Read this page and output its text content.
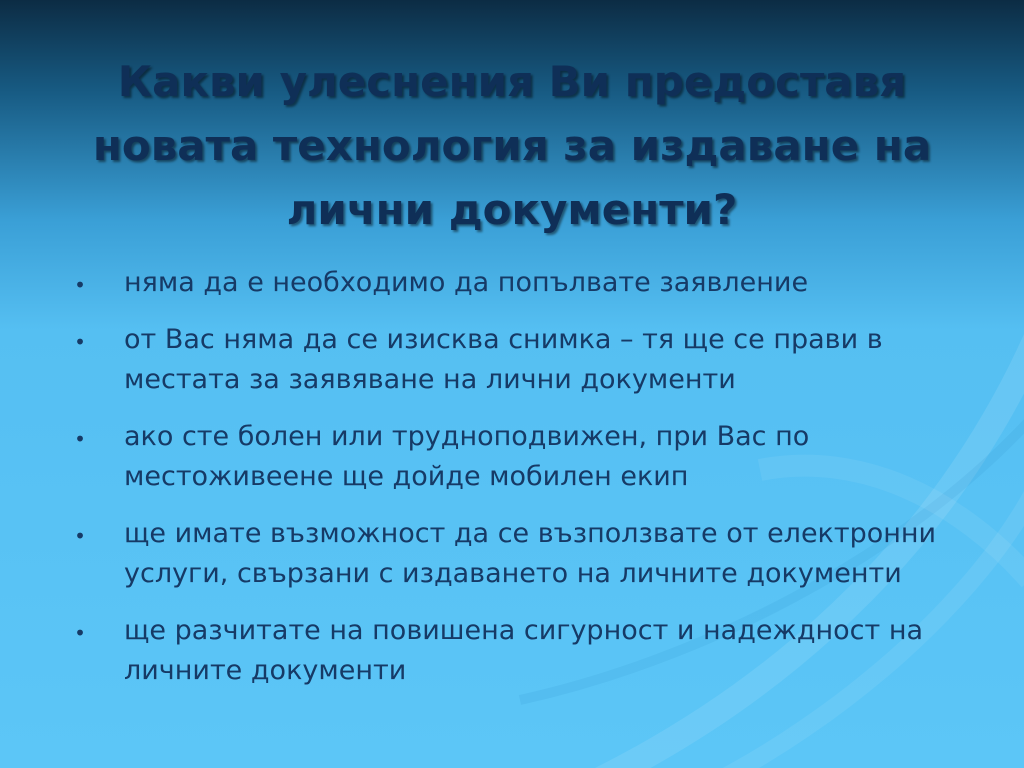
Какви улеснения Ви предоставя новата технология за издаване на лични документи?
• няма да е необходимо да попълвате заявление
• от Вас няма да се изисква снимка – тя ще се прави в местата за заявяване на лични документи
• ако сте болен или трудноподвижен, при Вас по местоживеене ще дойде мобилен екип
• ще имате възможност да се възползвате от електронни услуги, свързани с издаването на личните документи
• ще разчитате на повишена сигурност и надеждност на личните документи
